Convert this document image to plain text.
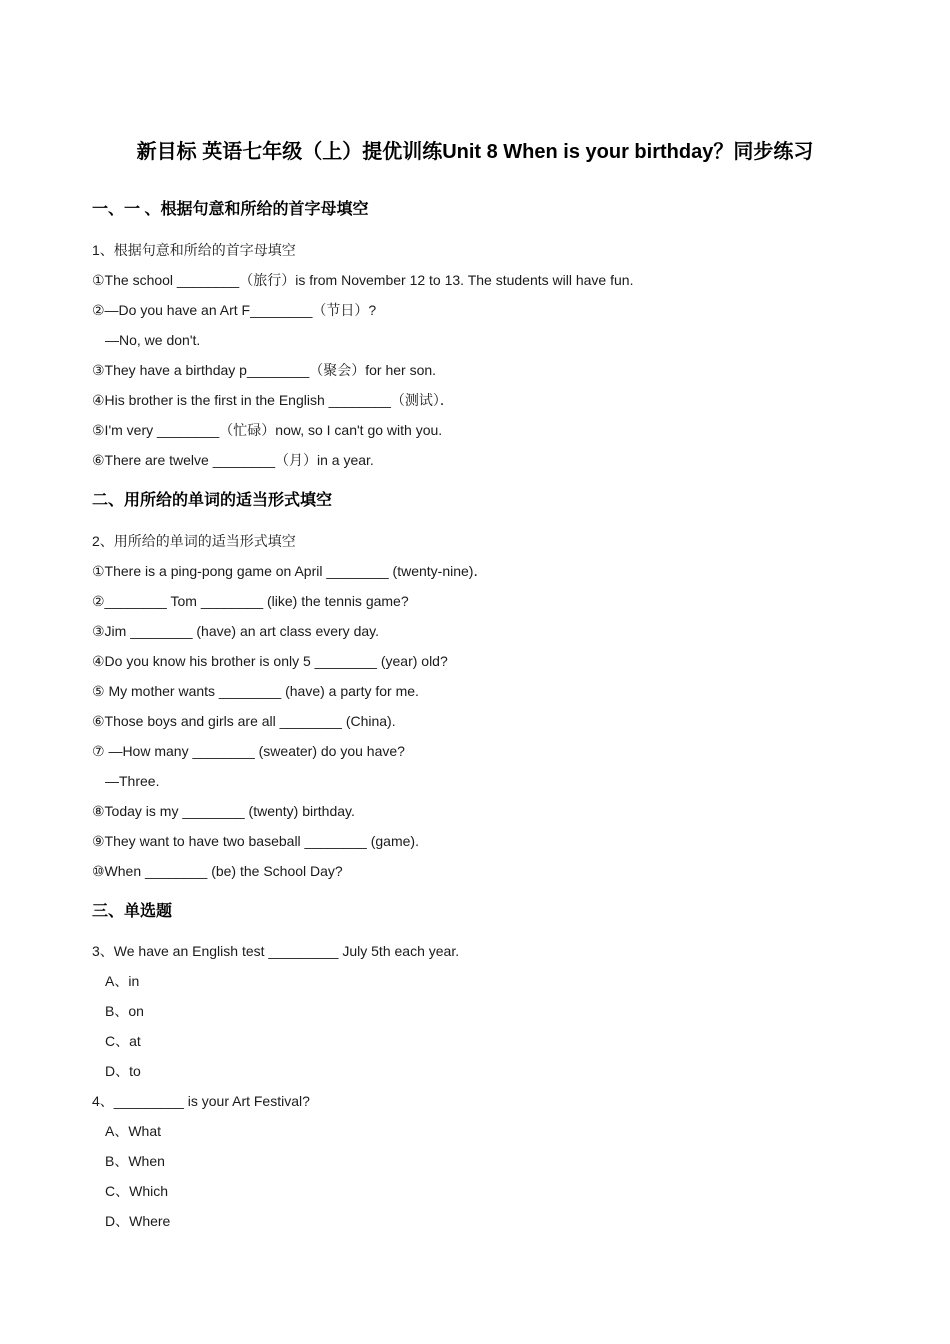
新目标 英语七年级（上）提优训练Unit 8 When is your birthday？同步练习
一、一 、根据句意和所给的首字母填空

1、根据句意和所给的首字母填空

①The school ________（旅行）is from November 12 to 13. The students will have fun.

②—Do you have an Art F________（节日）?

—No, we don't.

③They have a birthday p________（聚会）for her son.

④His brother is the first in the English ________（测试）．

⑤I'm very ________（忙碌）now, so I can't go with you.

⑥There are twelve ________（月）in a year.

二、用所给的单词的适当形式填空

2、用所给的单词的适当形式填空

①There is a ping-pong game on April ________ (twenty-nine)．

②________ Tom ________ (like) the tennis game?

③Jim ________ (have) an art class every day.

④Do you know his brother is only 5 ________ (year) old?

⑤ My mother wants ________ (have) a party for me.

⑥Those boys and girls are all ________ (China).

⑦ —How many ________ (sweater) do you have?

—Three.

⑧Today is my ________ (twenty) birthday.

⑨They want to have two baseball ________ (game).

⑩When ________ (be) the School Day?

三、单选题

3、We have an English test _________ July 5th each year.

A、in

B、on

C、at

D、to

4、_________ is your Art Festival?

A、What

B、When

C、Which

D、Where
